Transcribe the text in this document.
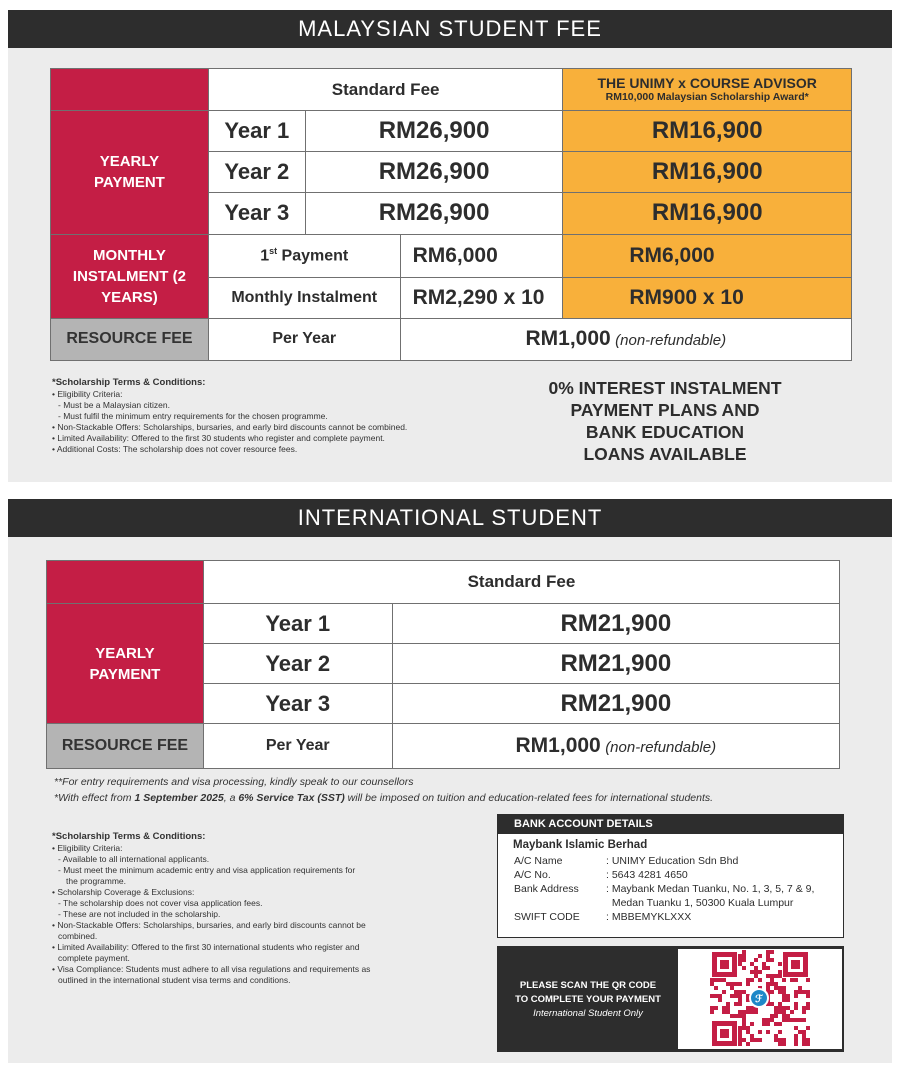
MALAYSIAN STUDENT FEE
	Standard Fee			THE UNIMY x COURSE ADVISOR
RM10,000 Malaysian Scholarship Award*

YEARLY PAYMENT	Year 1	RM26,900		RM16,900
	Year 2	RM26,900		RM16,900
	Year 3	RM26,900		RM16,900

MONTHLY INSTALMENT (2 YEARS)	1st Payment		RM6,000	RM6,000
	Monthly Instalment		RM2,290 x 10	RM900 x 10
RESOURCE FEE	Per Year		RM1,000 (non-refundable)	
*Scholarship Terms & Conditions:
• Eligibility Criteria:
- Must be a Malaysian citizen.
- Must fulfil the minimum entry requirements for the chosen programme.
• Non-Stackable Offers: Scholarships, bursaries, and early bird discounts cannot be combined.
• Limited Availability: Offered to the first 30 students who register and complete payment.
• Additional Costs: The scholarship does not cover resource fees.
0% INTEREST INSTALMENT
PAYMENT PLANS AND
BANK EDUCATION
LOANS AVAILABLE
INTERNATIONAL STUDENT
	Standard Fee	

YEARLY PAYMENT	Year 1	RM21,900
	Year 2	RM21,900
	Year 3	RM21,900
RESOURCE FEE	Per Year	RM1,000 (non-refundable)
**For entry requirements and visa processing, kindly speak to our counsellors
*With effect from 1 September 2025, a 6% Service Tax (SST) will be imposed on tuition and education-related fees for international students.
*Scholarship Terms & Conditions:
• Eligibility Criteria:
- Available to all international applicants.
- Must meet the minimum academic entry and visa application requirements for
the programme.
• Scholarship Coverage & Exclusions:
- The scholarship does not cover visa application fees.
- These are not included in the scholarship.
• Non-Stackable Offers: Scholarships, bursaries, and early bird discounts cannot be
combined.
• Limited Availability: Offered to the first 30 international students who register and
complete payment.
• Visa Compliance: Students must adhere to all visa regulations and requirements as
outlined in the international student visa terms and conditions.
BANK ACCOUNT DETAILS
Maybank Islamic Berhad
A/C Name	: UNIMY Education Sdn Bhd
A/C No.	: 5643 4281 4650
Bank Address	: Maybank Medan Tuanku, No. 1, 3, 5, 7 & 9,
Medan Tuanku 1, 50300 Kuala Lumpur
SWIFT CODE	: MBBEMYKLXXX
PLEASE SCAN THE QR CODE
TO COMPLETE YOUR PAYMENT
International Student Only
ℱ
